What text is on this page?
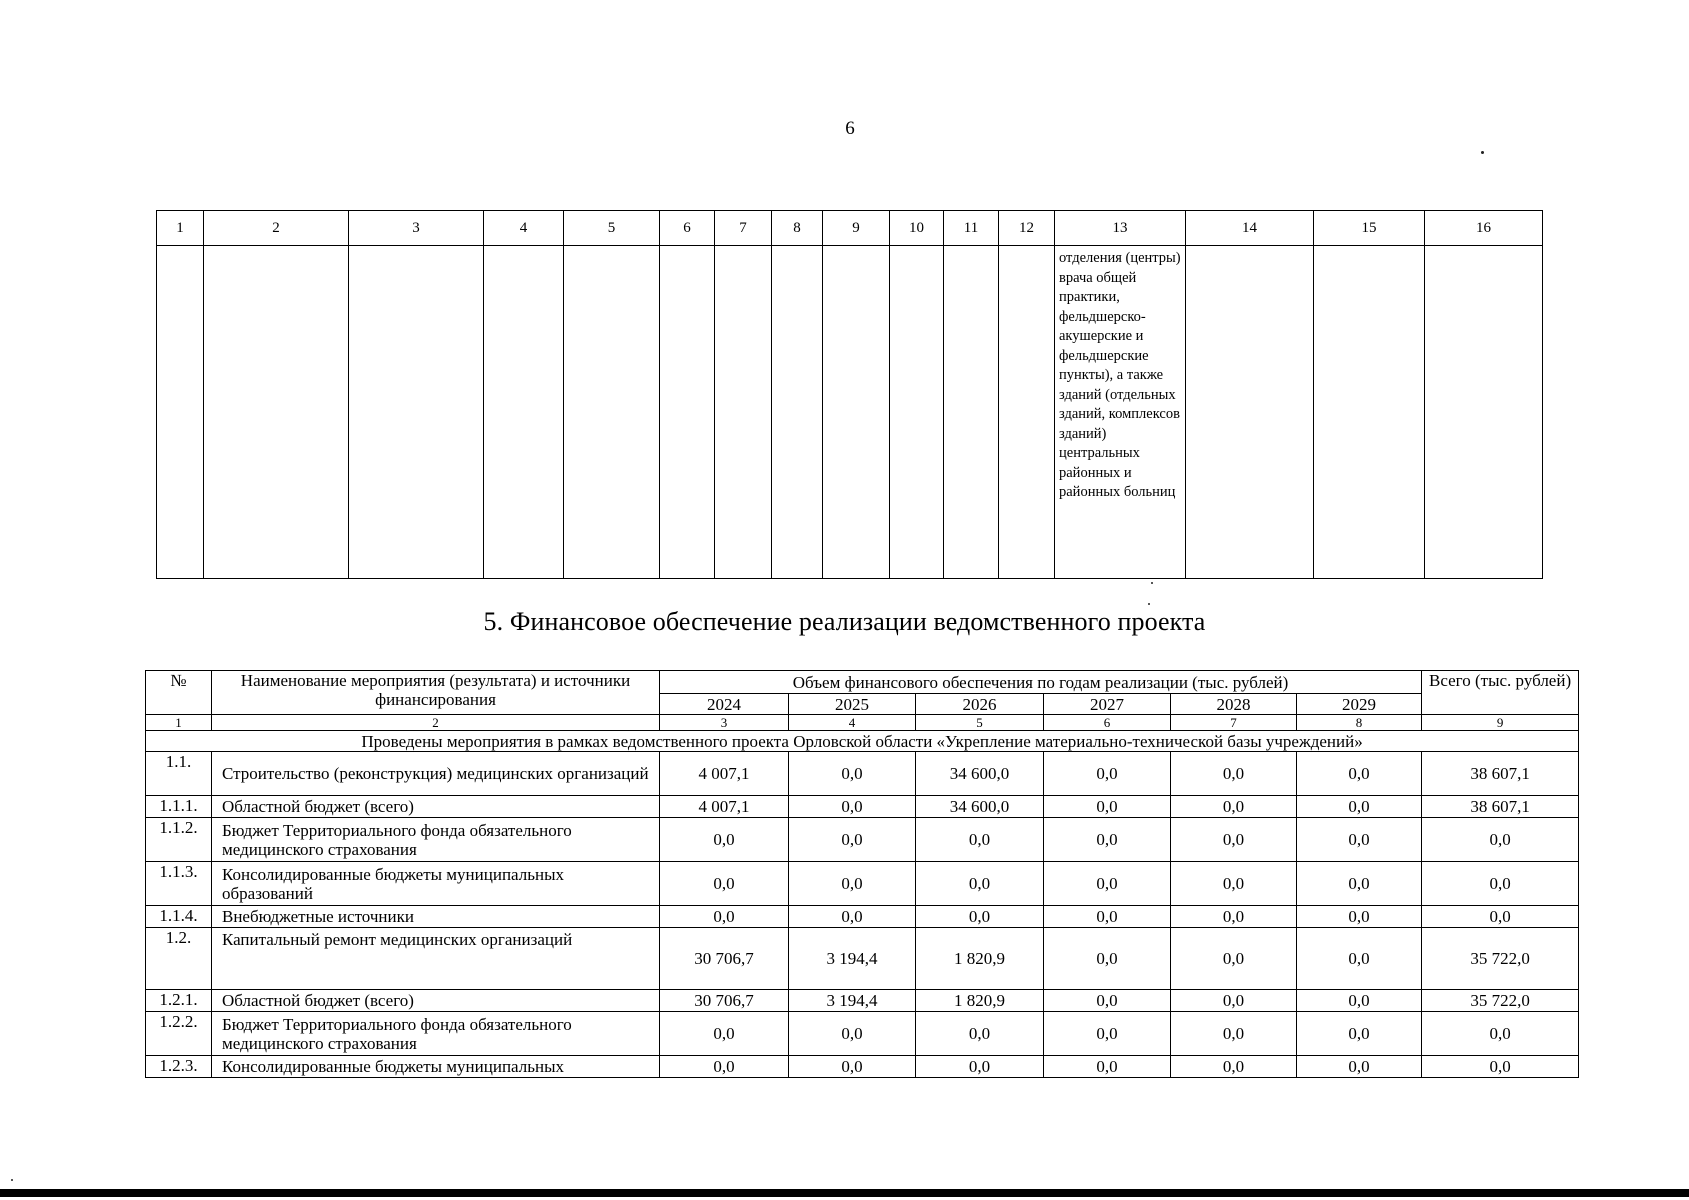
6
1	2	3	4	5	6	7	8	9	10	11	12	13	14	15	16

												отделения (центры) врача общей практики, фельдшерско-акушерские и фельдшерские пункты), а также зданий (отдельных зданий, комплексов зданий) центральных районных и районных больниц			

5. Финансовое обеспечение реализации ведомственного проекта
№	Наименование мероприятия (результата) и источники финансирования	Объем финансового обеспечения по годам реализации (тыс. рублей)						Всего (тыс. рублей)
		2024	2025	2026	2027	2028	2029	
1	2	3	4	5	6	7	8	9
Проведены мероприятия в рамках ведомственного проекта Орловской области «Укрепление материально-технической базы учреждений»								
1.1.	Строительство (реконструкция) медицинских организаций	4 007,1	0,0	34 600,0	0,0	0,0	0,0	38 607,1
1.1.1.	Областной бюджет (всего)	4 007,1	0,0	34 600,0	0,0	0,0	0,0	38 607,1
1.1.2.	Бюджет Территориального фонда обязательного медицинского страхования	0,0	0,0	0,0	0,0	0,0	0,0	0,0
1.1.3.	Консолидированные бюджеты муниципальных образований	0,0	0,0	0,0	0,0	0,0	0,0	0,0
1.1.4.	Внебюджетные источники	0,0	0,0	0,0	0,0	0,0	0,0	0,0
1.2.	Капитальный ремонт медицинских организаций	30 706,7	3 194,4	1 820,9	0,0	0,0	0,0	35 722,0
1.2.1.	Областной бюджет (всего)	30 706,7	3 194,4	1 820,9	0,0	0,0	0,0	35 722,0
1.2.2.	Бюджет Территориального фонда обязательного медицинского страхования	0,0	0,0	0,0	0,0	0,0	0,0	0,0
1.2.3.	Консолидированные бюджеты муниципальных	0,0	0,0	0,0	0,0	0,0	0,0	0,0
